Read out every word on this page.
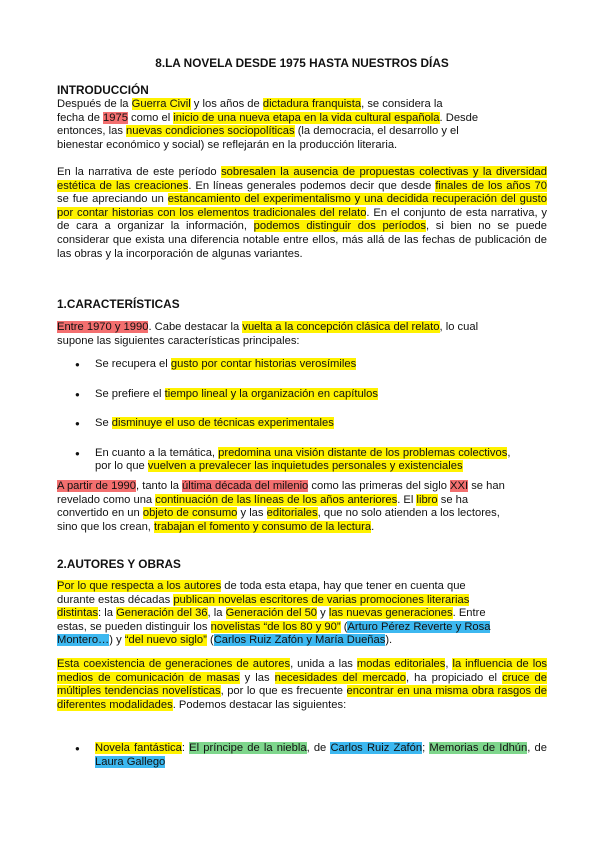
8.LA NOVELA DESDE 1975 HASTA NUESTROS DÍAS
INTRODUCCIÓN

Después de la Guerra Civil y los años de dictadura franquista, se considera la
fecha de 1975 como el inicio de una nueva etapa en la vida cultural española. Desde
entonces, las nuevas condiciones sociopolíticas (la democracia, el desarrollo y el
bienestar económico y social) se reflejarán en la producción literaria.

En la narrativa de este período sobresalen la ausencia de propuestas colectivas y la diversidad estética de las creaciones. En líneas generales podemos decir que desde finales de los años 70 se fue apreciando un estancamiento del experimentalismo y una decidida recuperación del gusto por contar historias con los elementos tradicionales del relato. En el conjunto de esta narrativa, y de cara a organizar la información, podemos distinguir dos períodos, si bien no se puede considerar que exista una diferencia notable entre ellos, más allá de las fechas de publicación de las obras y la incorporación de algunas variantes.

1.CARACTERÍSTICAS

Entre 1970 y 1990. Cabe destacar la vuelta a la concepción clásica del relato, lo cual
supone las siguientes características principales:

● Se recupera el gusto por contar historias verosímiles
● Se prefiere el tiempo lineal y la organización en capítulos
● Se disminuye el uso de técnicas experimentales
● En cuanto a la temática, predomina una visión distante de los problemas colectivos,
por lo que vuelven a prevalecer las inquietudes personales y existenciales

A partir de 1990, tanto la última década del milenio como las primeras del siglo XXI se han
revelado como una continuación de las líneas de los años anteriores. El libro se ha
convertido en un objeto de consumo y las editoriales, que no solo atienden a los lectores,
sino que los crean, trabajan el fomento y consumo de la lectura.

2.AUTORES Y OBRAS

Por lo que respecta a los autores de toda esta etapa, hay que tener en cuenta que
durante estas décadas publican novelas escritores de varias promociones literarias
distintas: la Generación del 36, la Generación del 50 y las nuevas generaciones. Entre
estas, se pueden distinguir los novelistas “de los 80 y 90” (Arturo Pérez Reverte y Rosa
Montero…) y “del nuevo siglo” (Carlos Ruiz Zafón y María Dueñas).

Esta coexistencia de generaciones de autores, unida a las modas editoriales, la influencia de los medios de comunicación de masas y las necesidades del mercado, ha propiciado el cruce de múltiples tendencias novelísticas, por lo que es frecuente encontrar en una misma obra rasgos de diferentes modalidades. Podemos destacar las siguientes:

● Novela fantástica: El príncipe de la niebla, de Carlos Ruiz Zafón; Memorias de Idhún, de Laura Gallego
